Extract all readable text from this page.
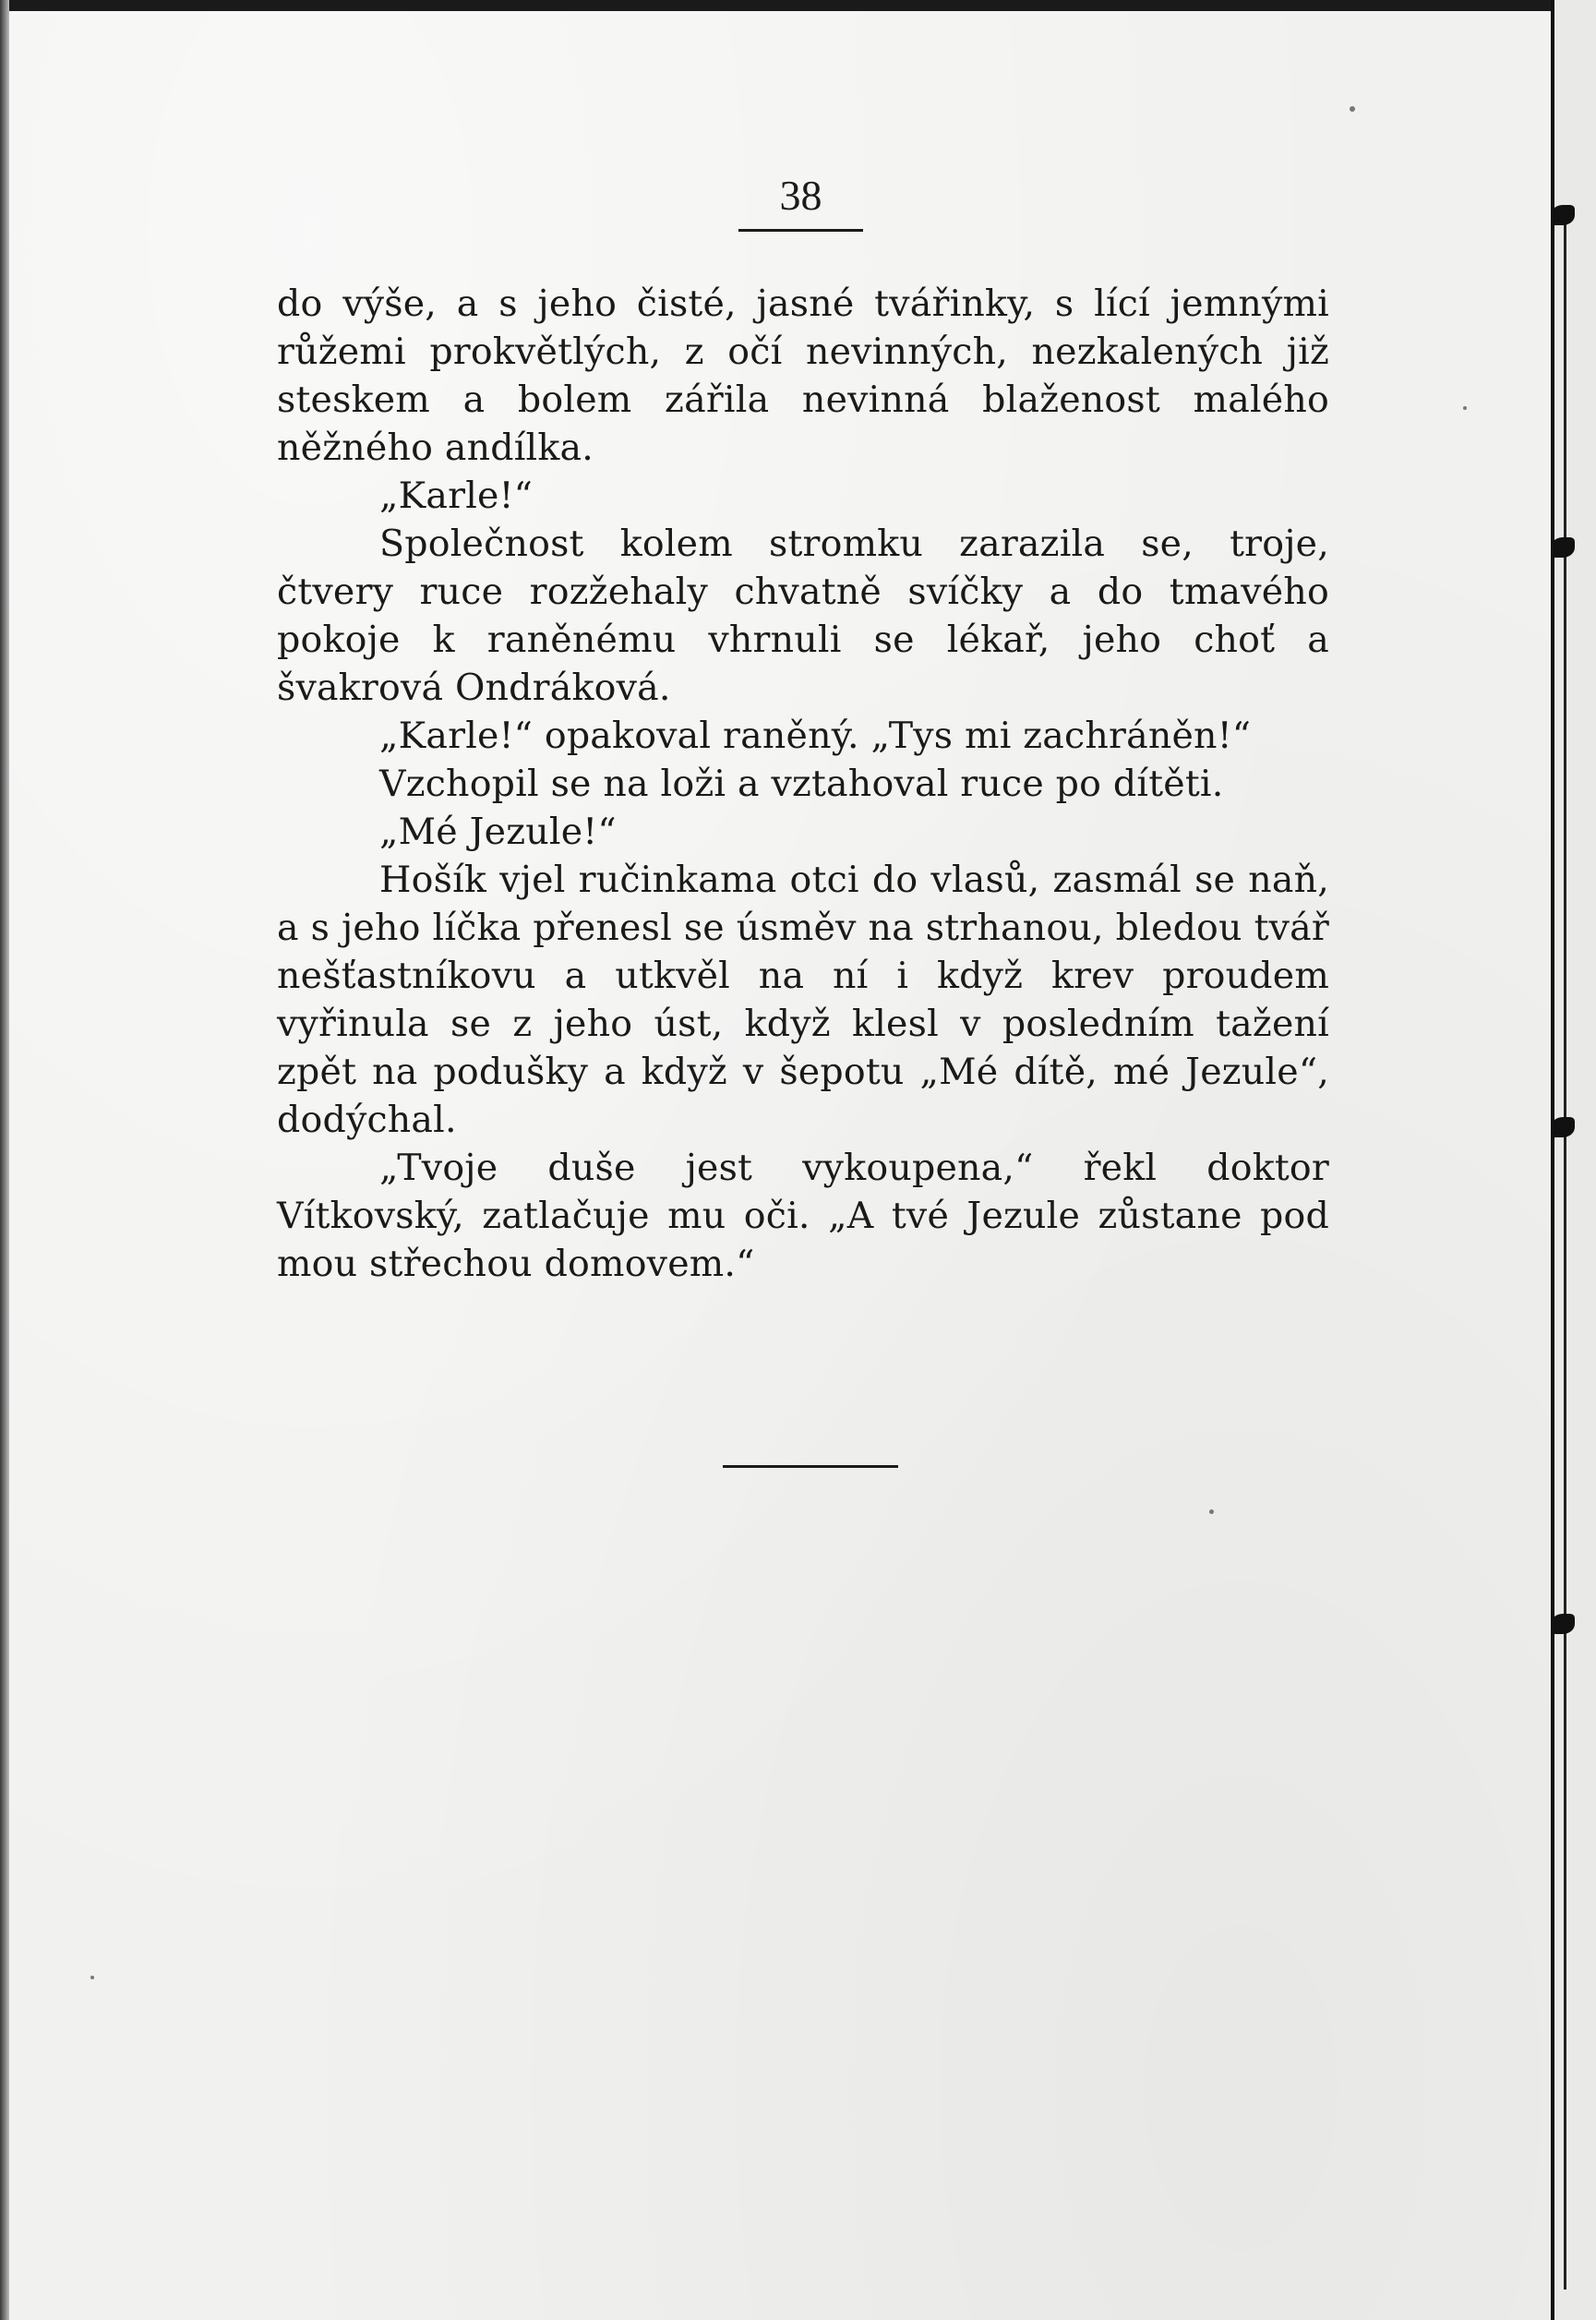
38

do výše, a s jeho čisté, jasné tvářinky, s lící jemnými růžemi prokvětlých, z očí nevinných, nezkalených již steskem a bolem zářila nevinná blaženost malého něžného andílka.

„Karle!“

Společnost kolem stromku zarazila se, troje, čtvery ruce rozžehaly chvatně svíčky a do tmavého pokoje k raněnému vhrnuli se lékař, jeho choť a švakrová Ondráková.

„Karle!“ opakoval raněný. „Tys mi zachráněn!“

Vzchopil se na loži a vztahoval ruce po dítěti.

„Mé Jezule!“

Hošík vjel ručinkama otci do vlasů, zasmál se naň, a s jeho líčka přenesl se úsměv na strhanou, bledou tvář nešťastníkovu a utkvěl na ní i když krev proudem vyřinula se z jeho úst, když klesl v posledním tažení zpět na podušky a když v šepotu „Mé dítě, mé Jezule“, dodýchal.

„Tvoje duše jest vykoupena,“ řekl doktor Vítkovský, zatlačuje mu oči. „A tvé Jezule zůstane pod mou střechou domovem.“
